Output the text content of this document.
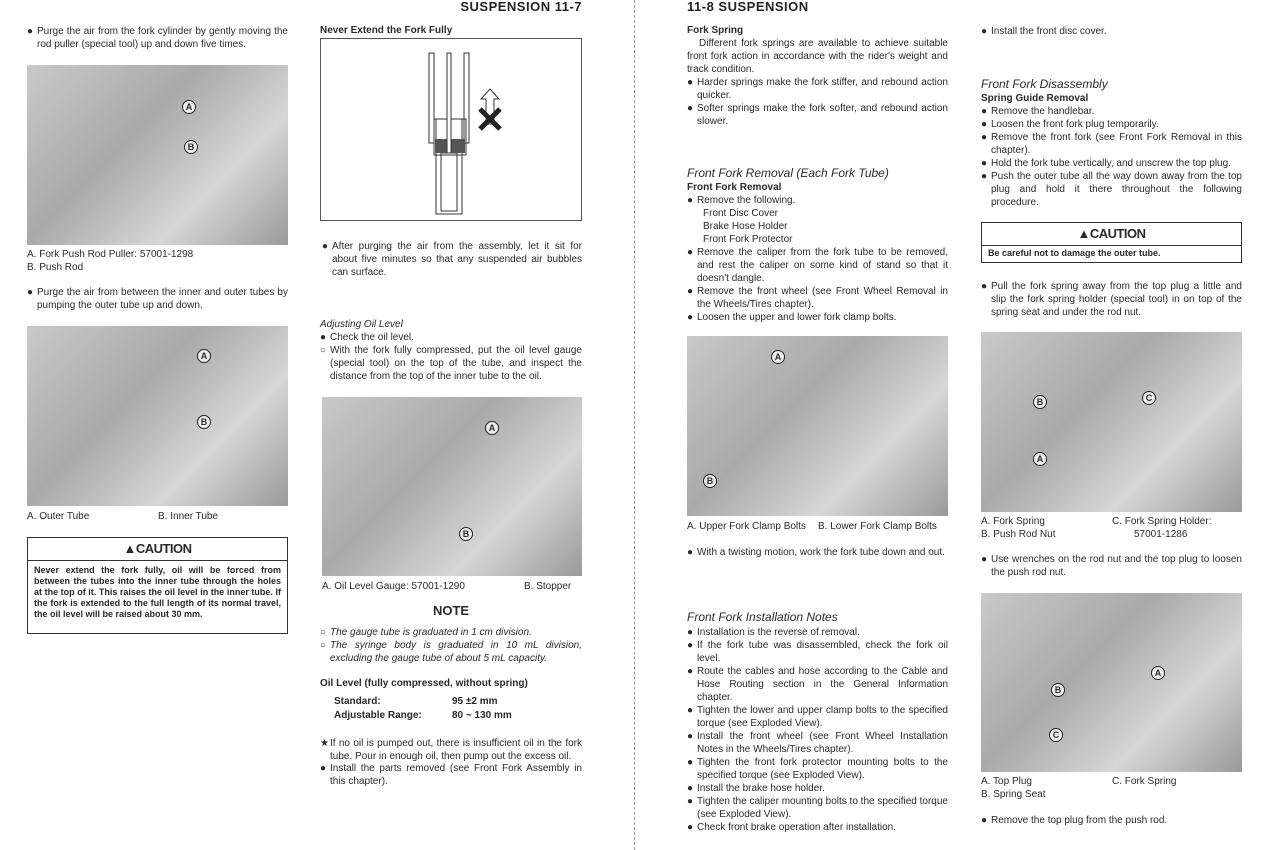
SUSPENSION 11-7
● Purge the air from the fork cylinder by gently moving the rod puller (special tool) up and down five times.
A
B
A. Fork Push Rod Puller: 57001-1298
B. Push Rod
● Purge the air from between the inner and outer tubes by pumping the outer tube up and down.
A
B
A. Outer Tube	B. Inner Tube
▲CAUTION
Never extend the fork fully, oil will be forced from between the tubes into the inner tube through the holes at the top of it. This raises the oil level in the inner tube. If the fork is extended to the full length of its normal travel, the oil level will be raised about 30 mm.
Never Extend the Fork Fully
● After purging the air from the assembly, let it sit for about five minutes so that any suspended air bubbles can surface.
Adjusting Oil Level
● Check the oil level.
○ With the fork fully compressed, put the oil level gauge (special tool) on the top of the tube, and inspect the distance from the top of the inner tube to the oil.
A
B
A. Oil Level Gauge: 57001-1290	B. Stopper
NOTE
○ The gauge tube is graduated in 1 cm division.
○ The syringe body is graduated in 10 mL division, excluding the gauge tube of about 5 mL capacity.
Oil Level (fully compressed, without spring)
Standard:	95 ±2 mm
Adjustable Range:	80 ~ 130 mm
★If no oil is pumped out, there is insufficient oil in the fork tube. Pour in enough oil, then pump out the excess oil.
● Install the parts removed (see Front Fork Assembly in this chapter).
11-8 SUSPENSION
Fork Spring
Different fork springs are available to achieve suitable front fork action in accordance with the rider's weight and track condition.
● Harder springs make the fork stiffer, and rebound action quicker.
● Softer springs make the fork softer, and rebound action slower.
Front Fork Removal (Each Fork Tube)
Front Fork Removal
● Remove the following.
Front Disc Cover
Brake Hose Holder
Front Fork Protector
● Remove the caliper from the fork tube to be removed, and rest the caliper on some kind of stand so that it doesn't dangle.
● Remove the front wheel (see Front Wheel Removal in the Wheels/Tires chapter).
● Loosen the upper and lower fork clamp bolts.
A
B
A. Upper Fork Clamp Bolts B. Lower Fork Clamp Bolts
● With a twisting motion, work the fork tube down and out.
Front Fork Installation Notes
● Installation is the reverse of removal.
● If the fork tube was disassembled, check the fork oil level.
● Route the cables and hose according to the Cable and Hose Routing section in the General Information chapter.
● Tighten the lower and upper clamp bolts to the specified torque (see Exploded View).
● Install the front wheel (see Front Wheel Installation Notes in the Wheels/Tires chapter).
● Tighten the front fork protector mounting bolts to the specified torque (see Exploded View).
● Install the brake hose holder.
● Tighten the caliper mounting bolts to the specified torque (see Exploded View).
● Check front brake operation after installation.
● Install the front disc cover.
Front Fork Disassembly
Spring Guide Removal
● Remove the handlebar.
● Loosen the front fork plug temporarily.
● Remove the front fork (see Front Fork Removal in this chapter).
● Hold the fork tube vertically, and unscrew the top plug.
● Push the outer tube all the way down away from the top plug and hold it there throughout the following procedure.
▲CAUTION
Be careful not to damage the outer tube.
● Pull the fork spring away from the top plug a little and slip the fork spring holder (special tool) in on top of the spring seat and under the rod nut.
B	C
A
A. Fork Spring
B. Push Rod Nut
C. Fork Spring Holder:
57001-1286
● Use wrenches on the rod nut and the top plug to loosen the push rod nut.
A
B
C
A. Top Plug
B. Spring Seat
C. Fork Spring
● Remove the top plug from the push rod.
